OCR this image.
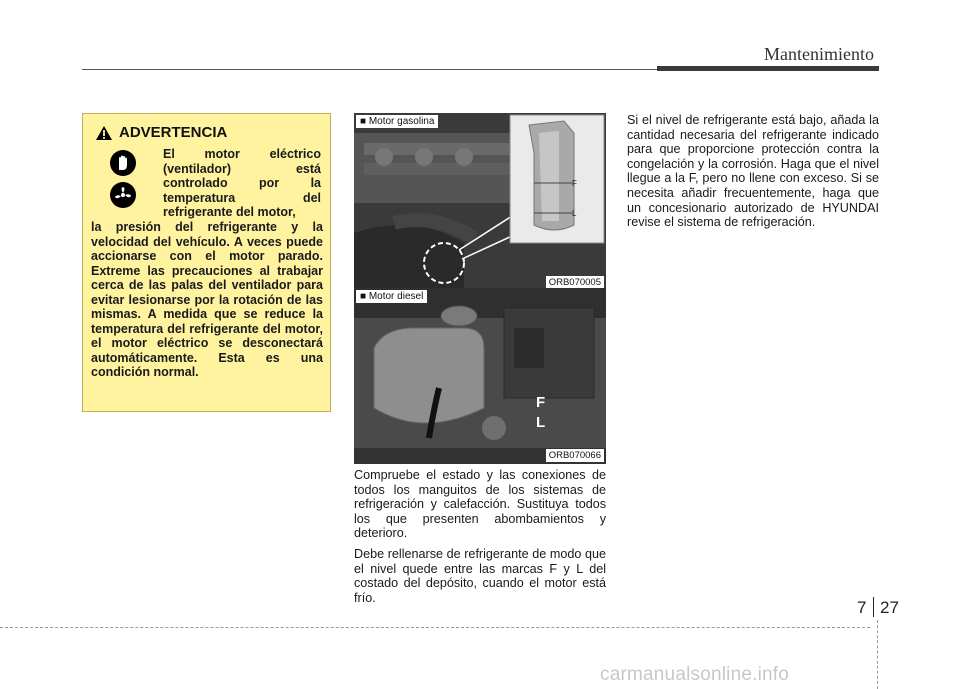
Mantenimiento
ADVERTENCIA
El motor eléctrico (ventilador) está controlado por la temperatura del refrigerante del motor,
la presión del refrigerante y la velocidad del vehículo. A veces puede accionarse con el motor parado. Extreme las precauciones al trabajar cerca de las palas del ventilador para evitar lesionarse por la rotación de las mismas. A medida que se reduce la temperatura del refrigerante del motor, el motor eléctrico se desconectará automáticamente. Esta es una condición normal.
F
L
■ Motor gasolina
ORB070005
F
L
■ Motor diesel
ORB070066

Compruebe el estado y las conexiones de todos los manguitos de los sistemas de refrigeración y calefacción. Sustituya todos los que presenten abombamientos y deterioro.

Debe rellenarse de refrigerante de modo que el nivel quede entre las marcas F y L del costado del depósito, cuando el motor está frío.

Si el nivel de refrigerante está bajo, añada la cantidad necesaria del refrigerante indicado para que proporcione protección contra la congelación y la corrosión. Haga que el nivel llegue a la F, pero no llene con exceso. Si se necesita añadir frecuentemente, haga que un concesionario autorizado de HYUNDAI revise el sistema de refrigeración.

7 27
carmanualsonline.info
